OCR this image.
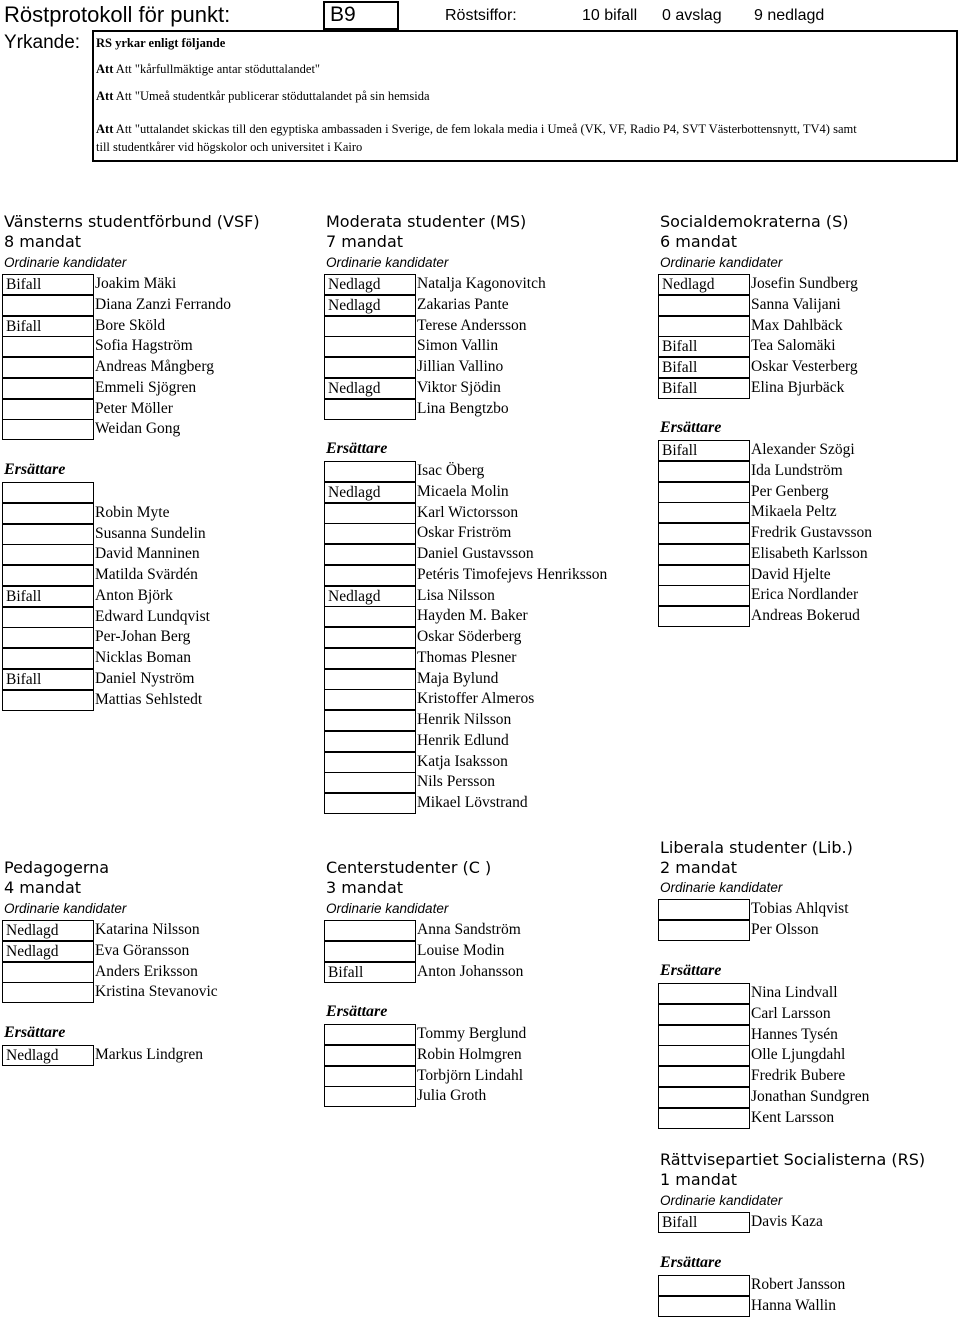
Röstprotokoll för punkt:	B9	Röstsiffor:	10 bifall 0 avslag 9 nedlagd
Yrkande: RS yrkar enligt följande
Att Att "kårfullmäktige antar stöduttalandet"
Att Att "Umeå studentkår publicerar stöduttalandet på sin hemsida
Att Att "uttalandet skickas till den egyptiska ambassaden i Sverige, de fem lokala media i Umeå (VK, VF, Radio P4, SVT Västerbottensnytt, TV4) samt
till studentkårer vid högskolor och universitet i Kairo
Vänsterns studentförbund (VSF)
8 mandat
Ordinarie kandidater
Bifall	Joakim Mäki
Diana Zanzi Ferrando
Bifall	Bore Sköld
Sofia Hagström
Andreas Mångberg
Emmeli Sjögren
Peter Möller
Weidan Gong
Ersättare
Robin Myte
Susanna Sundelin
David Manninen
Matilda Svärdén
Bifall	Anton Björk
Edward Lundqvist
Per-Johan Berg
Nicklas Boman
Bifall	Daniel Nyström
Mattias Sehlstedt
Moderata studenter (MS)
7 mandat
Ordinarie kandidater
Nedlagd	Natalja Kagonovitch
Nedlagd	Zakarias Pante
Terese Andersson
Simon Vallin
Jillian Vallino
Nedlagd	Viktor Sjödin
Lina Bengtzbo
Ersättare
Isac Öberg
Nedlagd	Micaela Molin
Karl Wictorsson
Oskar Friström
Daniel Gustavsson
Petéris Timofejevs Henriksson
Nedlagd	Lisa Nilsson
Hayden M. Baker
Oskar Söderberg
Thomas Plesner
Maja Bylund
Kristoffer Almeros
Henrik Nilsson
Henrik Edlund
Katja Isaksson
Nils Persson
Mikael Lövstrand
Socialdemokraterna (S)
6 mandat
Ordinarie kandidater
Nedlagd	Josefin Sundberg
Sanna Valijani
Max Dahlbäck
Bifall	Tea Salomäki
Bifall	Oskar Vesterberg
Bifall	Elina Bjurbäck
Ersättare
Bifall	Alexander Szögi
Ida Lundström
Per Genberg
Mikaela Peltz
Fredrik Gustavsson
Elisabeth Karlsson
David Hjelte
Erica Nordlander
Andreas Bokerud
Pedagogerna
4 mandat
Ordinarie kandidater
Nedlagd	Katarina Nilsson
Nedlagd	Eva Göransson
Anders Eriksson
Kristina Stevanovic
Ersättare
Nedlagd	Markus Lindgren
Centerstudenter (C )
3 mandat
Ordinarie kandidater
Anna Sandström
Louise Modin
Bifall	Anton Johansson
Ersättare
Tommy Berglund
Robin Holmgren
Torbjörn Lindahl
Julia Groth
Liberala studenter (Lib.)
2 mandat
Ordinarie kandidater
Tobias Ahlqvist
Per Olsson
Ersättare
Nina Lindvall
Carl Larsson
Hannes Tysén
Olle Ljungdahl
Fredrik Bubere
Jonathan Sundgren
Kent Larsson
Rättvisepartiet Socialisterna (RS)
1 mandat
Ordinarie kandidater
Bifall	Davis Kaza
Ersättare
Robert Jansson
Hanna Wallin
